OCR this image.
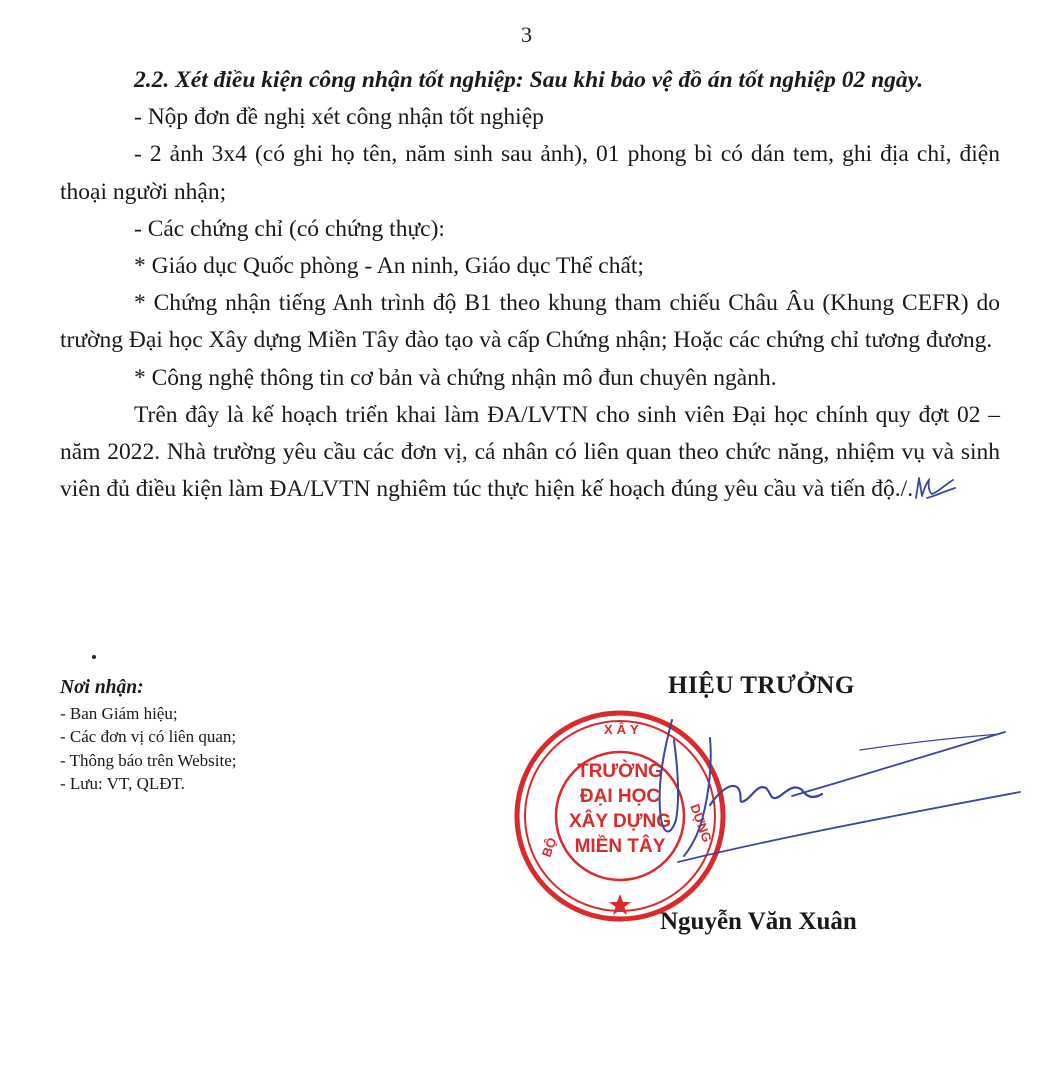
3

2.2. Xét điều kiện công nhận tốt nghiệp: Sau khi bảo vệ đồ án tốt nghiệp 02 ngày.

- Nộp đơn đề nghị xét công nhận tốt nghiệp

- 2 ảnh 3x4 (có ghi họ tên, năm sinh sau ảnh), 01 phong bì có dán tem, ghi địa chỉ, điện thoại người nhận;

- Các chứng chỉ (có chứng thực):

* Giáo dục Quốc phòng - An ninh, Giáo dục Thể chất;

* Chứng nhận tiếng Anh trình độ B1 theo khung tham chiếu Châu Âu (Khung CEFR) do trường Đại học Xây dựng Miền Tây đào tạo và cấp Chứng nhận; Hoặc các chứng chỉ tương đương.

* Công nghệ thông tin cơ bản và chứng nhận mô đun chuyên ngành.

Trên đây là kế hoạch triển khai làm ĐA/LVTN cho sinh viên Đại học chính quy đợt 02 – năm 2022. Nhà trường yêu cầu các đơn vị, cá nhân có liên quan theo chức năng, nhiệm vụ và sinh viên đủ điều kiện làm ĐA/LVTN nghiêm túc thực hiện kế hoạch đúng yêu cầu và tiến độ./.

Nơi nhận:
- Ban Giám hiệu;
- Các đơn vị có liên quan;
- Thông báo trên Website;
- Lưu: VT, QLĐT.
HIỆU TRƯỞNG
BỘ
XÂY
DỰNG
TRƯỜNG
ĐẠI HỌC
XÂY DỰNG
MIỀN TÂY
Nguyễn Văn Xuân
